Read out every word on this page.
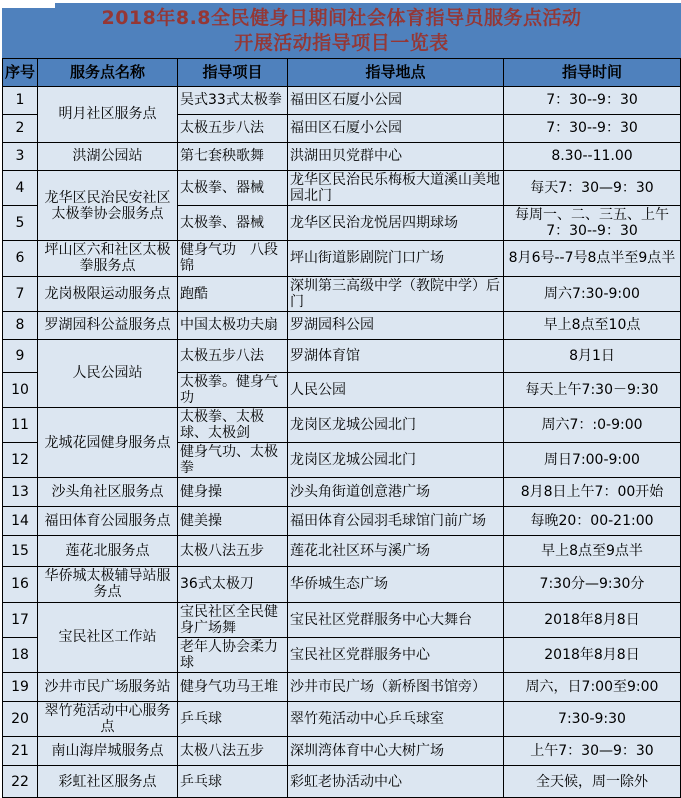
2018年8.8全民健身日期间社会体育指导员服务点活动
开展活动指导项目一览表
序号	服务点名称	指导项目	指导地点	指导时间
1	明月社区服务点	吴式33式太极拳	福田区石厦小公园	7：30--9：30
2		太极五步八法	福田区石厦小公园	7：30--9：30
3	洪湖公园站	第七套秧歌舞	洪湖田贝党群中心	8.30--11.00
4	龙华区民治民安社区太极拳协会服务点	太极拳、器械	龙华区民治民乐梅板大道溪山美地园北门	每天7：30—9：30
5		太极拳、器械	龙华区民治龙悦居四期球场	每周一、二、三五、上午7：30--9：30
6	坪山区六和社区太极拳服务点	健身气功　八段锦	坪山街道影剧院门口广场	8月6号--7号8点半至9点半
7	龙岗极限运动服务点	跑酷	深圳第三高级中学（教院中学）后门	周六7:30-9:00
8	罗湖园科公益服务点	中国太极功夫扇	罗湖园科公园	早上8点至10点
9	人民公园站	太极五步八法	罗湖体育馆	8月1日
10		太极拳。健身气功	人民公园	每天上午7:30－9:30
11	龙城花园健身服务点	太极拳、太极球、太极剑	龙岗区龙城公园北门	周六7：:0-9:00
12		健身气功、太极拳	龙岗区龙城公园北门	周日7:00-9:00
13	沙头角社区服务点	健身操	沙头角街道创意港广场	8月8日上午7：00开始
14	福田体育公园服务点	健美操	福田体育公园羽毛球馆门前广场	每晚20：00-21:00
15	莲花北服务点	太极八法五步	莲花北社区环与溪广场	早上8点至9点半
16	华侨城太极辅导站服务点	36式太极刀	华侨城生态广场	7:30分—9:30分
17	宝民社区工作站	宝民社区全民健身广场舞	宝民社区党群服务中心大舞台	2018年8月8日
18		老年人协会柔力球	宝民社区党群服务中心	2018年8月8日
19	沙井市民广场服务站	健身气功马王堆	沙井市民广场（新桥图书馆旁）	周六，日7:00至9:00
20	翠竹苑活动中心服务点	乒乓球	翠竹苑活动中心乒乓球室	7:30-9:30
21	南山海岸城服务点	太极八法五步	深圳湾体育中心大树广场	上午7：30—9：30
22	彩虹社区服务点	乒乓球	彩虹老协活动中心	全天候，周一除外
